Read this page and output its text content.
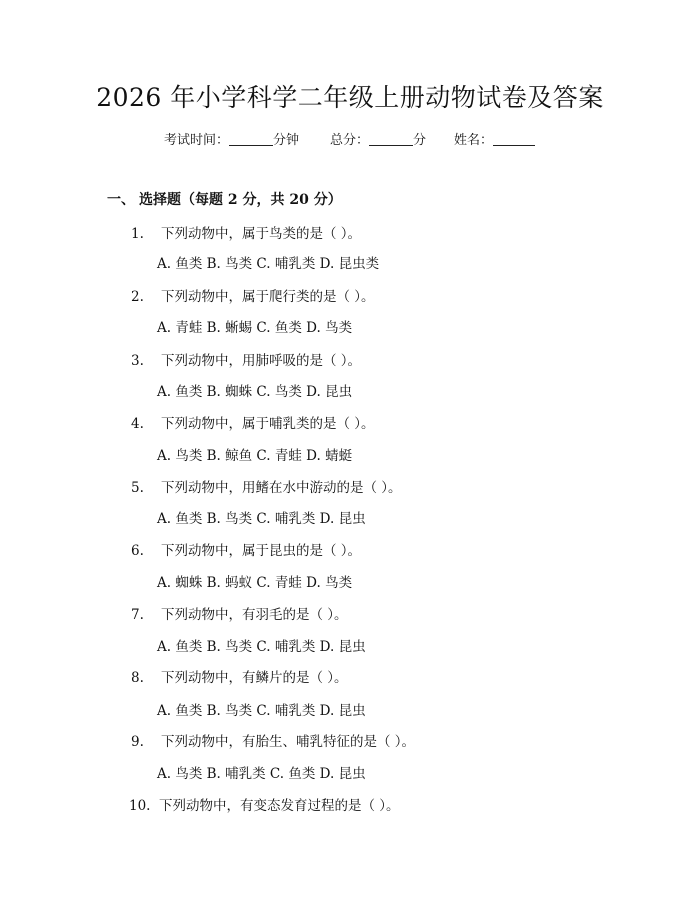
2026 年小学科学二年级上册动物试卷及答案
考试时间：	分钟 总分：	分 姓名：
一、 选择题（每题 2 分，共 20 分）
1. 下列动物中，属于鸟类的是（ ）。
A. 鱼类 B. 鸟类 C. 哺乳类 D. 昆虫类
2. 下列动物中，属于爬行类的是（ ）。
A. 青蛙 B. 蜥蜴 C. 鱼类 D. 鸟类
3. 下列动物中，用肺呼吸的是（ ）。
A. 鱼类 B. 蜘蛛 C. 鸟类 D. 昆虫
4. 下列动物中，属于哺乳类的是（ ）。
A. 鸟类 B. 鲸鱼 C. 青蛙 D. 蜻蜓
5. 下列动物中，用鳍在水中游动的是（ ）。
A. 鱼类 B. 鸟类 C. 哺乳类 D. 昆虫
6. 下列动物中，属于昆虫的是（ ）。
A. 蜘蛛 B. 蚂蚁 C. 青蛙 D. 鸟类
7. 下列动物中，有羽毛的是（ ）。
A. 鱼类 B. 鸟类 C. 哺乳类 D. 昆虫
8. 下列动物中，有鳞片的是（ ）。
A. 鱼类 B. 鸟类 C. 哺乳类 D. 昆虫
9. 下列动物中，有胎生、哺乳特征的是（ ）。
A. 鸟类 B. 哺乳类 C. 鱼类 D. 昆虫
10. 下列动物中，有变态发育过程的是（ ）。
